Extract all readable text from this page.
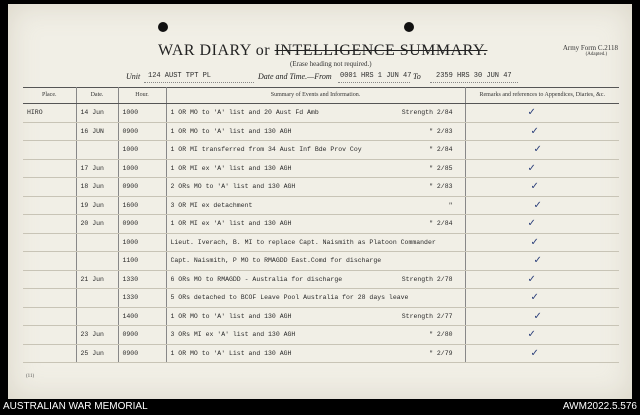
WAR DIARY or INTELLIGENCE SUMMARY.
(Erase heading not required.)
Army Form C.2118
(Adapted.)
Unit 124 AUST TPT PL	Date and Time.—From 0001 HRS 1 JUN 47 To 2359 HRS 30 JUN 47
Place.	Date.	Hour.	Summary of Events and Information.	Remarks and references to Appendices, Diaries, &c.
HIRO	14 Jun	1000	1 OR MO to 'A' list and 20 Aust Fd Amb Strength 2/84	✓
	16 JUN	0900	1 OR MO to 'A' list and 130 AGH " 2/83	✓
		1000	1 OR MI transferred from 34 Aust Inf Bde Prov Coy " 2/84	✓
	17 Jun	1000	1 OR MI ex 'A' list and 130 AGH " 2/85	✓
	18 Jun	0900	2 ORs MO to 'A' list and 130 AGH " 2/83	✓
	19 Jun	1600	3 OR MI ex detachment "	✓
	20 Jun	0900	1 OR MI ex 'A' list and 130 AGH " 2/84	✓
		1000	Lieut. Iverach, B. MI to replace Capt. Naismith as Platoon Commander	✓
		1100	Capt. Naismith, P MO to RMAGDD East.Comd for discharge	✓
	21 Jun	1330	6 ORs MO to RMAGDD - Australia for discharge Strength 2/78	✓
		1330	5 ORs detached to BCOF Leave Pool Australia for 28 days leave	✓
		1400	1 OR MO to 'A' list and 130 AGH Strength 2/77	✓
	23 Jun	0900	3 ORs MI ex 'A' list and 130 AGH " 2/80	✓
	25 Jun	0900	1 OR MO to 'A' List and 130 AGH " 2/79	✓
(11)
AUSTRALIAN WAR MEMORIAL	AWM2022.5.576
